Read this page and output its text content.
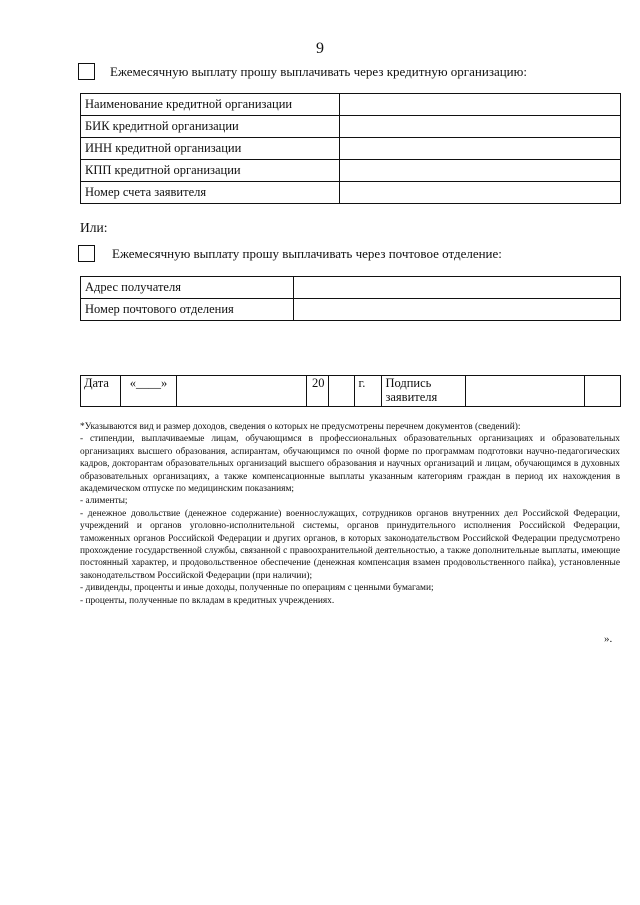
9
Ежемесячную выплату прошу выплачивать через кредитную организацию:
Наименование кредитной организации	
БИК кредитной организации	
ИНН кредитной организации	
КПП кредитной организации	
Номер счета заявителя	
Или:
Ежемесячную выплату прошу выплачивать через почтовое отделение:
Адрес получателя	
Номер почтового отделения	
Дата	«____»		20		г.	Подпись заявителя		

*Указываются вид и размер доходов, сведения о которых не предусмотрены перечнем документов (сведений):

- стипендии, выплачиваемые лицам, обучающимся в профессиональных образовательных организациях и образовательных организациях высшего образования, аспирантам, обучающимся по очной форме по программам подготовки научно-педагогических кадров, докторантам образовательных организаций высшего образования и научных организаций и лицам, обучающимся в духовных образовательных организациях, а также компенсационные выплаты указанным категориям граждан в период их нахождения в академическом отпуске по медицинским показаниям;

- алименты;

- денежное довольствие (денежное содержание) военнослужащих, сотрудников органов внутренних дел Российской Федерации, учреждений и органов уголовно-исполнительной системы, органов принудительного исполнения Российской Федерации, таможенных органов Российской Федерации и других органов, в которых законодательством Российской Федерации предусмотрено прохождение государственной службы, связанной с правоохранительной деятельностью, а также дополнительные выплаты, имеющие постоянный характер, и продовольственное обеспечение (денежная компенсация взамен продовольственного пайка), установленные законодательством Российской Федерации (при наличии);

- дивиденды, проценты и иные доходы, полученные по операциям с ценными бумагами;

- проценты, полученные по вкладам в кредитных учреждениях.

».
